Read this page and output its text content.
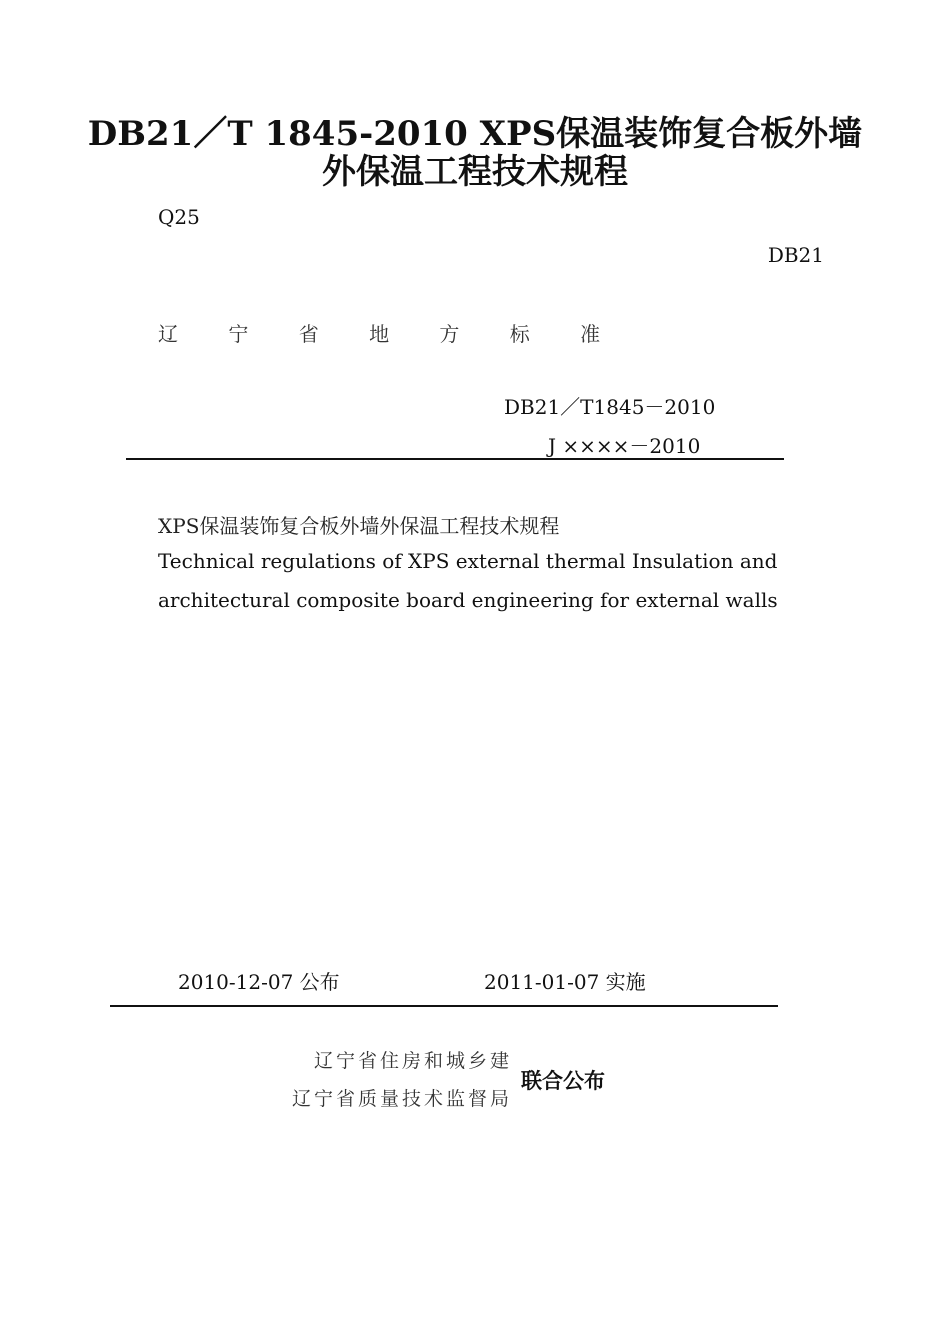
DB21／T 1845-2010 XPS保温装饰复合板外墙
外保温工程技术规程
Q25
DB21
辽 宁 省 地 方 标 准
DB21／T1845－2010
J ××××－2010
XPS保温装饰复合板外墙外保温工程技术规程
Technical regulations of XPS external thermal Insulation and
architectural composite board engineering for external walls
2010-12-07 公布	2011-01-07 实施
辽宁省住房和城乡建
辽宁省质量技术监督局
联合公布
